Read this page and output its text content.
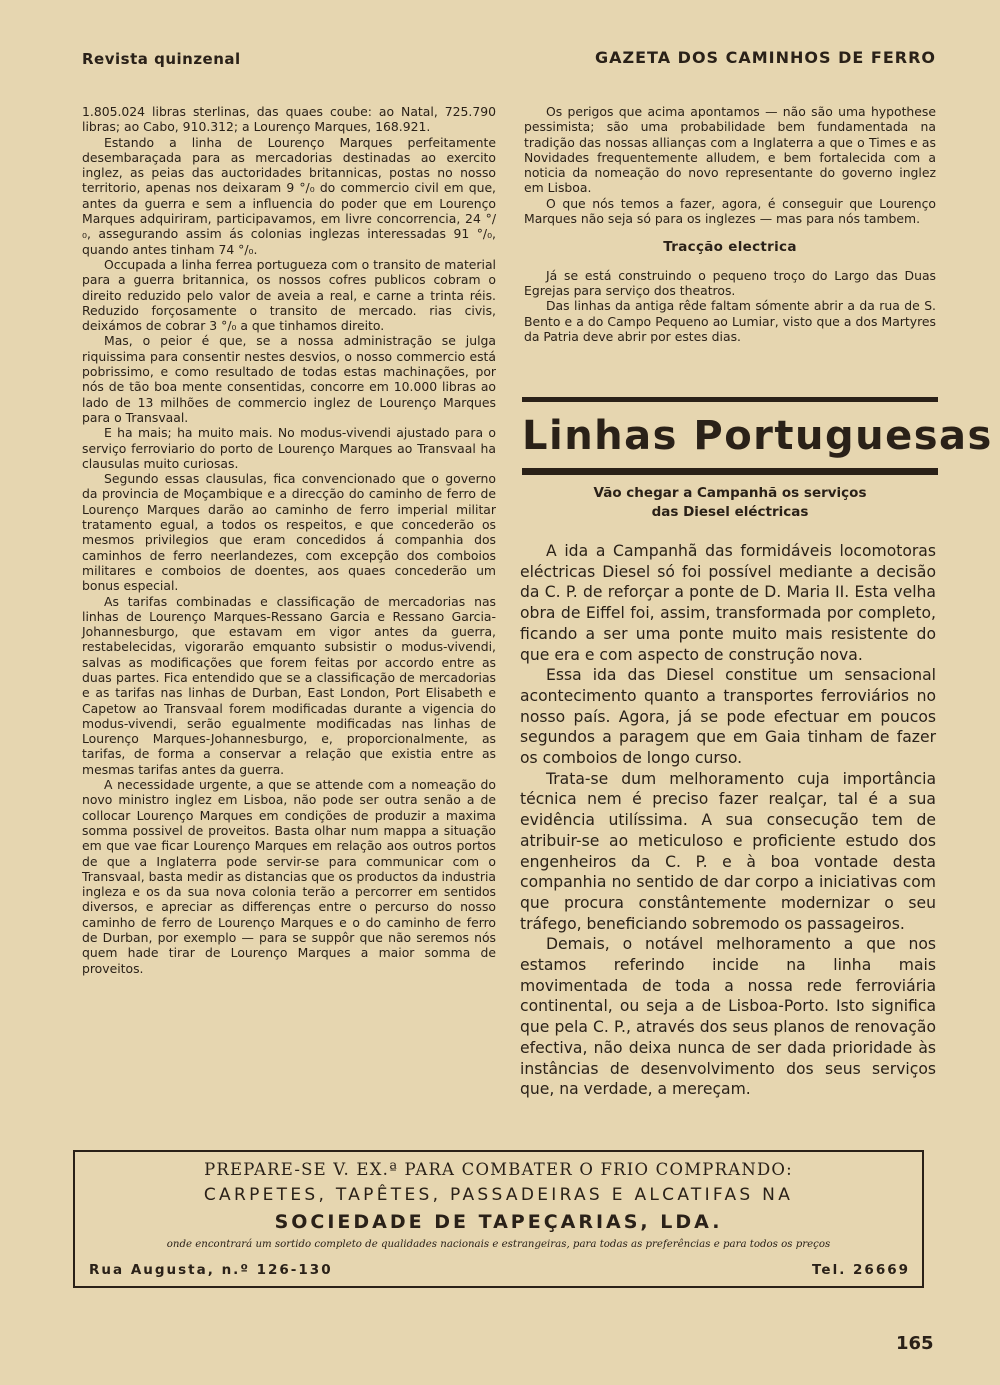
Revista quinzenal	GAZETA DOS CAMINHOS DE FERRO

1.805.024 libras sterlinas, das quaes coube: ao Natal, 725.790 libras; ao Cabo, 910.312; a Lourenço Marques, 168.921.

Estando a linha de Lourenço Marques perfeitamente desembaraçada para as mercadorias destinadas ao exercito inglez, as peias das auctoridades britannicas, postas no nosso territorio, apenas nos deixaram 9 °/₀ do commercio civil em que, antes da guerra e sem a influencia do poder que em Lourenço Marques adquiriram, participavamos, em livre concorrencia, 24 °/₀, assegurando assim ás colonias inglezas interessadas 91 °/₀, quando antes tinham 74 °/₀.

Occupada a linha ferrea portugueza com o transito de material para a guerra britannica, os nossos cofres publicos cobram o direito reduzido pelo valor de aveia a real, e carne a trinta réis. Reduzido forçosamente o transito de mercado. rias civis, deixámos de cobrar 3 °/₀ a que tinhamos direito.

Mas, o peior é que, se a nossa administração se julga riquissima para consentir nestes desvios, o nosso commercio está pobrissimo, e como resultado de todas estas machinações, por nós de tão boa mente consentidas, concorre em 10.000 libras ao lado de 13 milhões de commercio inglez de Lourenço Marques para o Transvaal.

E ha mais; ha muito mais. No modus-vivendi ajustado para o serviço ferroviario do porto de Lourenço Marques ao Transvaal ha clausulas muito curiosas.

Segundo essas clausulas, fica convencionado que o governo da provincia de Moçambique e a direcção do caminho de ferro de Lourenço Marques darão ao caminho de ferro imperial militar tratamento egual, a todos os respeitos, e que concederão os mesmos privilegios que eram concedidos á companhia dos caminhos de ferro neerlandezes, com excepção dos comboios militares e comboios de doentes, aos quaes concederão um bonus especial.

As tarifas combinadas e classificação de mercadorias nas linhas de Lourenço Marques-Ressano Garcia e Ressano Garcia-Johannesburgo, que estavam em vigor antes da guerra, restabelecidas, vigorarão emquanto subsistir o modus-vivendi, salvas as modificações que forem feitas por accordo entre as duas partes. Fica entendido que se a classificação de mercadorias e as tarifas nas linhas de Durban, East London, Port Elisabeth e Capetow ao Transvaal forem modificadas durante a vigencia do modus-vivendi, serão egualmente modificadas nas linhas de Lourenço Marques-Johannesburgo, e, proporcionalmente, as tarifas, de forma a conservar a relação que existia entre as mesmas tarifas antes da guerra.

A necessidade urgente, a que se attende com a nomeação do novo ministro inglez em Lisboa, não pode ser outra senão a de collocar Lourenço Marques em condições de produzir a maxima somma possivel de proveitos. Basta olhar num mappa a situação em que vae ficar Lourenço Marques em relação aos outros portos de que a Inglaterra pode servir-se para communicar com o Transvaal, basta medir as distancias que os productos da industria ingleza e os da sua nova colonia terão a percorrer em sentidos diversos, e apreciar as differenças entre o percurso do nosso caminho de ferro de Lourenço Marques e o do caminho de ferro de Durban, por exemplo — para se suppôr que não seremos nós quem hade tirar de Lourenço Marques a maior somma de proveitos.

Os perigos que acima apontamos — não são uma hypothese pessimista; são uma probabilidade bem fundamentada na tradição das nossas allianças com a Inglaterra a que o Times e as Novidades frequentemente alludem, e bem fortalecida com a noticia da nomeação do novo representante do governo inglez em Lisboa.

O que nós temos a fazer, agora, é conseguir que Lourenço Marques não seja só para os inglezes — mas para nós tambem.

Tracção electrica

Já se está construindo o pequeno troço do Largo das Duas Egrejas para serviço dos theatros.

Das linhas da antiga rêde faltam sómente abrir a da rua de S. Bento e a do Campo Pequeno ao Lumiar, visto que a dos Martyres da Patria deve abrir por estes dias.

Linhas Portuguesas
Vão chegar a Campanhã os serviços
das Diesel eléctricas

A ida a Campanhã das formidáveis locomotoras eléctricas Diesel só foi possível mediante a decisão da C. P. de reforçar a ponte de D. Maria II. Esta velha obra de Eiffel foi, assim, transformada por completo, ficando a ser uma ponte muito mais resistente do que era e com aspecto de construção nova.

Essa ida das Diesel constitue um sensacional acontecimento quanto a transportes ferroviários no nosso país. Agora, já se pode efectuar em poucos segundos a paragem que em Gaia tinham de fazer os comboios de longo curso.

Trata-se dum melhoramento cuja importância técnica nem é preciso fazer realçar, tal é a sua evidência utilíssima. A sua consecução tem de atribuir-se ao meticuloso e proficiente estudo dos engenheiros da C. P. e à boa vontade desta companhia no sentido de dar corpo a iniciativas com que procura constântemente modernizar o seu tráfego, beneficiando sobremodo os passageiros.

Demais, o notável melhoramento a que nos estamos referindo incide na linha mais movimentada de toda a nossa rede ferroviária continental, ou seja a de Lisboa-Porto. Isto significa que pela C. P., através dos seus planos de renovação efectiva, não deixa nunca de ser dada prioridade às instâncias de desenvolvimento dos seus serviços que, na verdade, a mereçam.

PREPARE-SE V. EX.ª PARA COMBATER O FRIO COMPRANDO:
CARPETES, TAPÊTES, PASSADEIRAS E ALCATIFAS NA
SOCIEDADE DE TAPEÇARIAS, LDA.
onde encontrará um sortido completo de qualidades nacionais e estrangeiras, para todas as preferências e para todos os preços
Rua Augusta, n.º 126-130	Tel. 26669
165
